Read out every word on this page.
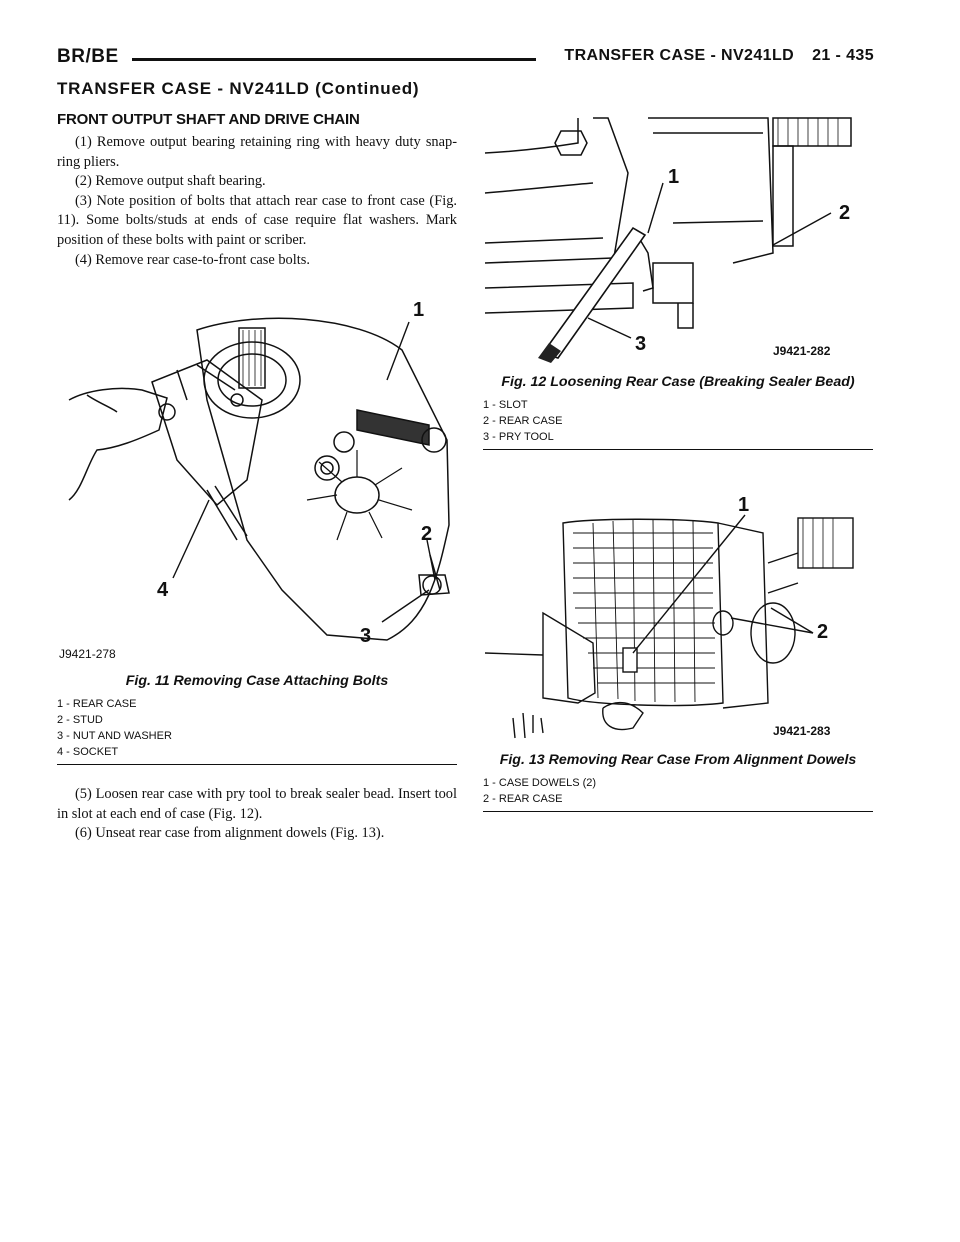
BR/BE	TRANSFER CASE - NV241LD 21 - 435
TRANSFER CASE - NV241LD (Continued)
FRONT OUTPUT SHAFT AND DRIVE CHAIN

(1) Remove output bearing retaining ring with heavy duty snap-ring pliers.

(2) Remove output shaft bearing.

(3) Note position of bolts that attach rear case to front case (Fig. 11). Some bolts/studs at ends of case require flat washers. Mark position of these bolts with paint or scriber.

(4) Remove rear case-to-front case bolts.

1
2
3
4
J9421-278
Fig. 11 Removing Case Attaching Bolts
1 - REAR CASE
2 - STUD
3 - NUT AND WASHER
4 - SOCKET

(5) Loosen rear case with pry tool to break sealer bead. Insert tool in slot at each end of case (Fig. 12).

(6) Unseat rear case from alignment dowels (Fig. 13).

1
2
3	J9421-282
Fig. 12 Loosening Rear Case (Breaking Sealer Bead)
1 - SLOT
2 - REAR CASE
3 - PRY TOOL
1
2
J9421-283
Fig. 13 Removing Rear Case From Alignment Dowels
1 - CASE DOWELS (2)
2 - REAR CASE
